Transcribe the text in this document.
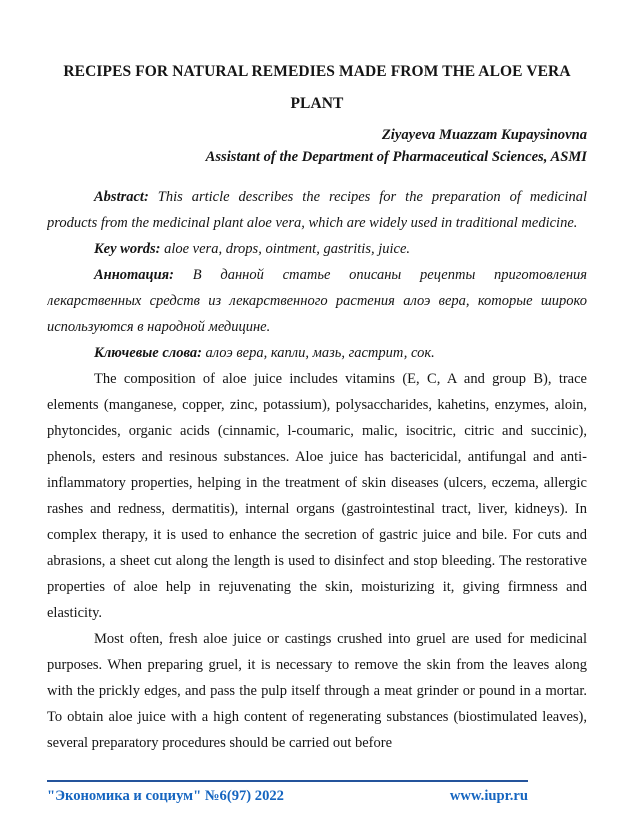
RECIPES FOR NATURAL REMEDIES MADE FROM THE ALOE VERA
PLANT
Ziyayeva Muazzam Kupaysinovna
Assistant of the Department of Pharmaceutical Sciences, ASMI

Abstract: This article describes the recipes for the preparation of medicinal products from the medicinal plant aloe vera, which are widely used in traditional medicine.

Key words: aloe vera, drops, ointment, gastritis, juice.

Аннотация: В данной статье описаны рецепты приготовления лекарственных средств из лекарственного растения алоэ вера, которые широко используются в народной медицине.

Ключевые слова: алоэ вера, капли, мазь, гастрит, сок.

The composition of aloe juice includes vitamins (E, C, A and group B), trace elements (manganese, copper, zinc, potassium), polysaccharides, kahetins, enzymes, aloin, phytoncides, organic acids (cinnamic, l-coumaric, malic, isocitric, citric and succinic), phenols, esters and resinous substances. Aloe juice has bactericidal, antifungal and anti-inflammatory properties, helping in the treatment of skin diseases (ulcers, eczema, allergic rashes and redness, dermatitis), internal organs (gastrointestinal tract, liver, kidneys). In complex therapy, it is used to enhance the secretion of gastric juice and bile. For cuts and abrasions, a sheet cut along the length is used to disinfect and stop bleeding. The restorative properties of aloe help in rejuvenating the skin, moisturizing it, giving firmness and elasticity.

Most often, fresh aloe juice or castings crushed into gruel are used for medicinal purposes. When preparing gruel, it is necessary to remove the skin from the leaves along with the prickly edges, and pass the pulp itself through a meat grinder or pound in a mortar. To obtain aloe juice with a high content of regenerating substances (biostimulated leaves), several preparatory procedures should be carried out before

"Экономика и социум" №6(97) 2022	www.iupr.ru
